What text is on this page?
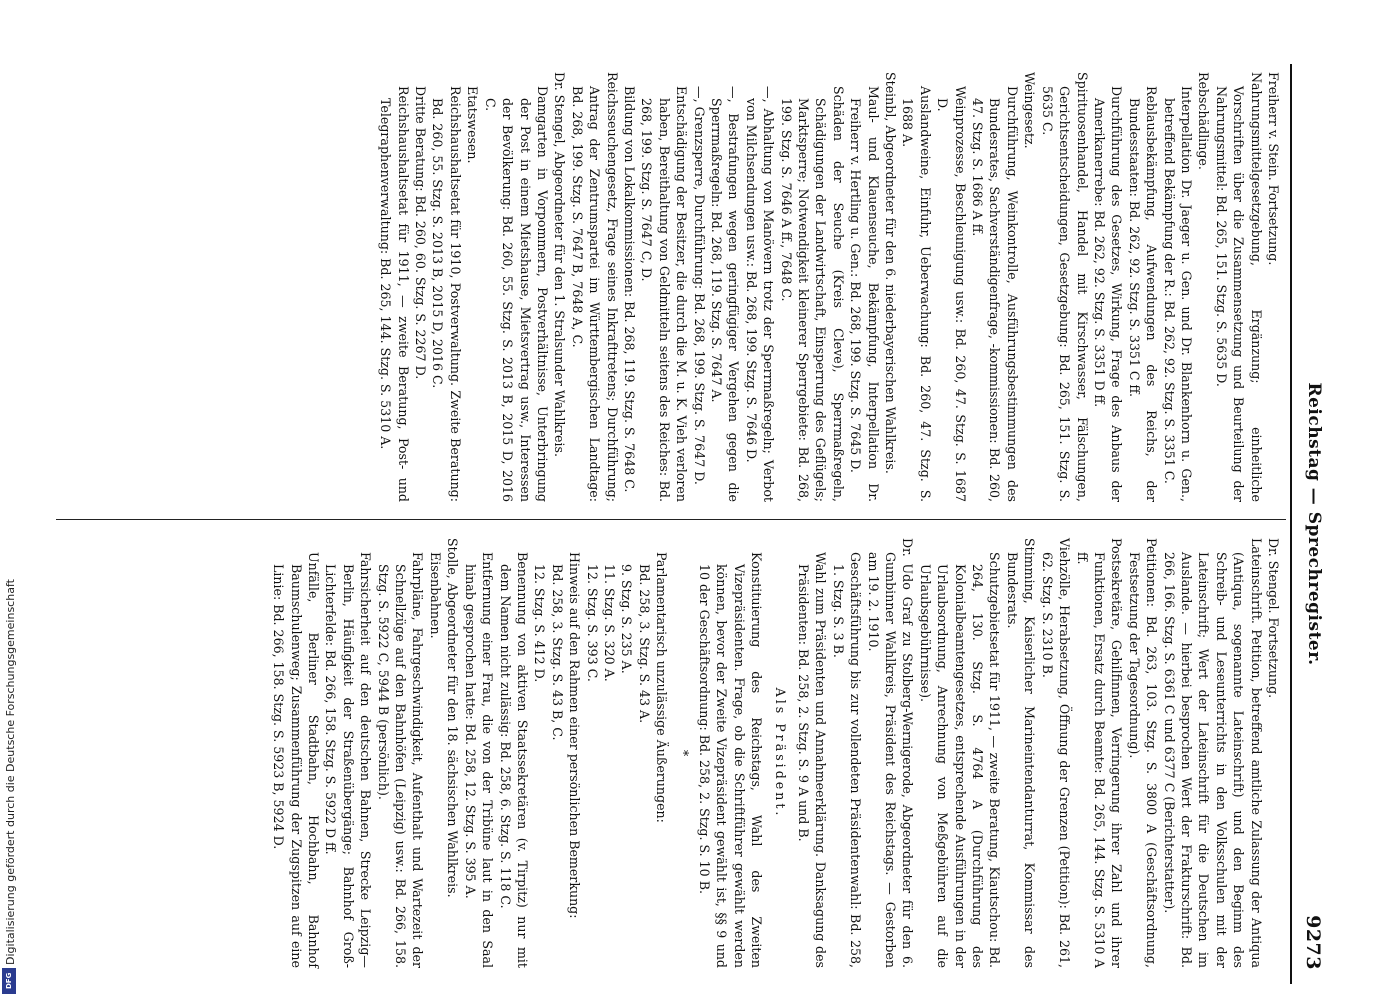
Digitalisierung gefördert durch die Deutsche Forschungsgemeinschaft
DFG
Reichstag — Sprechregister.
9273
Freiherr v. Stein. Fortsetzung.
Nahrungsmittelgesetzgebung, Ergänzung; einheitliche Vorschriften über die Zusammensetzung und Beurteilung der Nahrungsmittel: Bd. 265, 151. Stzg. S. 5635 D.
Rebschädlinge.
Interpellation Dr. Jaeger u. Gen. und Dr. Blankenhorn u. Gen., betreffend Bekämpfung der R.: Bd. 262, 92. Stzg. S. 3351 C.
Reblausbekämpfung, Aufwendungen des Reichs, der Bundesstaaten: Bd. 262, 92. Stzg. S. 3351 C ff.
Durchführung des Gesetzes, Wirkung, Frage des Anbaus der Amerikanerrebe: Bd. 262, 92. Stzg. S. 3351 D ff.
Spirituosenhandel, Handel mit Kirschwasser, Fälschungen, Gerichtsentscheidungen, Gesetzgebung: Bd. 265, 151. Stzg. S. 5635 C.
Weingesetz.
Durchführung, Weinkontrolle, Ausführungsbestimmungen des Bundesrates, Sachverständigenfrage, -kommissionen: Bd. 260, 47. Stzg. S. 1686 A ff.
Weinprozesse, Beschleunigung usw.: Bd. 260, 47. Stzg. S. 1687 D.
Auslandweine, Einfuhr, Ueberwachung: Bd. 260, 47. Stzg. S. 1688 A.
Steinbl, Abgeordneter für den 6. niederbayerischen Wahlkreis.
Maul- und Klauenseuche, Bekämpfung, Interpellation Dr. Freiherr v. Hertling u. Gen.: Bd. 268, 199. Stzg. S. 7645 D.
Schäden der Seuche (Kreis Cleve), Sperrmaßregeln, Schädigungen der Landwirtschaft, Einsperrung des Geflügels; Marktsperre; Notwendigkeit kleinerer Sperrgebiete: Bd. 268, 199. Stzg. S. 7646 A ff., 7648 C.
—, Abhaltung von Manövern trotz der Sperrmaßregeln; Verbot von Milchsendungen usw.: Bd. 268, 199. Stzg. S. 7646 D.
—, Bestrafungen wegen geringfügiger Vergehen gegen die Sperrmaßregeln: Bd. 268, 119. Stzg. S. 7647 A.
—, Grenzsperre, Durchführung: Bd. 268, 199. Stzg. S. 7647 D.
Entschädigung der Besitzer, die durch die M. u. K. Vieh verloren haben, Bereithaltung von Geldmitteln seitens des Reiches: Bd. 268, 199. Stzg. S. 7647 C, D.
Bildung von Lokalkommissionen: Bd. 268, 119. Stzg. S. 7648 C.
Reichsseuchengesetz, Frage seines Inkrafttretens; Durchführung; Antrag der Zentrumspartei im Württembergischen Landtage: Bd. 268, 199. Stzg. S. 7647 B, 7648 A, C.
Dr. Stengel, Abgeordneter für den 1. Stralsunder Wahlkreis.
Damgarten in Vorpommern, Postverhältnisse, Unterbringung der Post in einem Mietshause, Mietsvertrag usw., Interessen der Bevölkerung: Bd. 260, 55. Stzg. S. 2013 B, 2015 D, 2016 C.
Etatswesen.
Reichshaushaltsetat für 1910, Postverwaltung. Zweite Beratung: Bd. 260, 55. Stzg. S. 2013 B, 2015 D, 2016 C.
Dritte Beratung: Bd. 260, 60. Stzg. S. 2267 D.
Reichshaushaltsetat für 1911, — zweite Beratung, Post- und Telegraphenverwaltung: Bd. 265, 144. Stzg. S. 5310 A.
Dr. Stengel. Fortsetzung.
Lateinschrift. Petition, betreffend amtliche Zulassung der Antiqua (Antiqua, sogenannte Lateinschrift) und den Beginm des Schreib- und Leseunterrichts in den Volksschulen mit der Lateinschrift; Wert der Lateinschrift für die Deutschen im Auslande. — hierbei besprochen Wert der Frakturschrift: Bd. 266, 166. Stzg. S. 6361 C und 6377 C (Berichterstatter).
Petitionen: Bd. 263, 103. Stzg. S. 3800 A (Geschäftsordnung, Festsetzung der Tagesordnung).
Postsekretäre, Gehilfinnen, Verringerung ihrer Zahl und ihrer Funktionen, Ersatz durch Beamte: Bd. 265, 144. Stzg. S. 5310 A ff.
Viehzölle, Herabsetzung, Öffnung der Grenzen (Petition): Bd. 261, 62. Stzg. S. 2310 B.
Stimming, Kaiserlicher Marineintendanturrat, Kommissar des Bundesrats.
Schutzgebietsetat für 1911, — zweite Beratung, Kiautschou: Bd. 264, 130. Stzg. S. 4764 A (Durchführung des Kolonialbeamtengesetzes, entsprechende Ausführungen in der Urlaubsordnung, Anrechnung von Meßgebühren auf die Urlaubsgebührnisse).
Dr. Udo Graf zu Stolberg-Wernigerode, Abgeordneter für den 6. Gumbinner Wahlkreis, Präsident des Reichstags. — Gestorben am 19. 2. 1910.
Geschäftsführung bis zur vollendeten Präsidentenwahl: Bd. 258, 1. Stzg. S. 3 B.
Wahl zum Präsidenten und Annahmeerklärung. Danksagung des Präsidenten: Bd. 258, 2. Stzg. S. 9 A und B.
Als Präsident.
Konstituierung des Reichstags, Wahl des Zweiten Vizepräsidenten. Frage, ob die Schriftführer gewählt werden können, bevor der Zweite Vizepräsident gewählt ist, §§ 9 und 10 der Geschäftsordnung: Bd. 258, 2. Stzg. S. 10 B.
*
Parlamentarisch unzulässige Äußerungen:
Bd. 258, 3. Stzg. S. 43 A.
9. Stzg. S. 235 A.
11. Stzg. S. 320 A.
12. Stzg. S. 393 C.
Hinweis auf den Rahmen einer persönlichen Bemerkung:
Bd. 258, 3. Stzg. S. 43 B, C.
12. Stzg. S. 412 D.
Benennung von aktiven Staatssekretären (v. Tirpitz) nur mit dem Namen nicht zulässig: Bd. 258, 6. Stzg. S. 118 C.
Entfernung einer Frau, die von der Tribüne laut in den Saal hinab gesprochen hatte: Bd. 258, 12. Stzg. S. 395 A.
Stolle, Abgeordneter für den 18. sächsischen Wahlkreis.
Eisenbahnen.
Fahrpläne, Fahrgeschwindigkeit, Aufenthalt und Wartezeit der Schnellzüge auf den Bahnhöfen (Leipzig) usw.: Bd. 266, 158. Stzg. S. 5922 C, 5944 B (persönlich).
Fahrsicherheit auf den deutschen Bahnen, Strecke Leipzig—Berlin, Häufigkeit der Straßenübergänge; Bahnhof Groß-Lichterfelde: Bd. 266, 158. Stzg. S. 5922 D ff.
Unfälle, Berliner Stadtbahn, Hochbahn, Bahnhof Baumschulenweg; Zusammenführung der Zugspitzen auf eine Linie: Bd. 266, 158. Stzg. S. 5923 B, 5924 D.
